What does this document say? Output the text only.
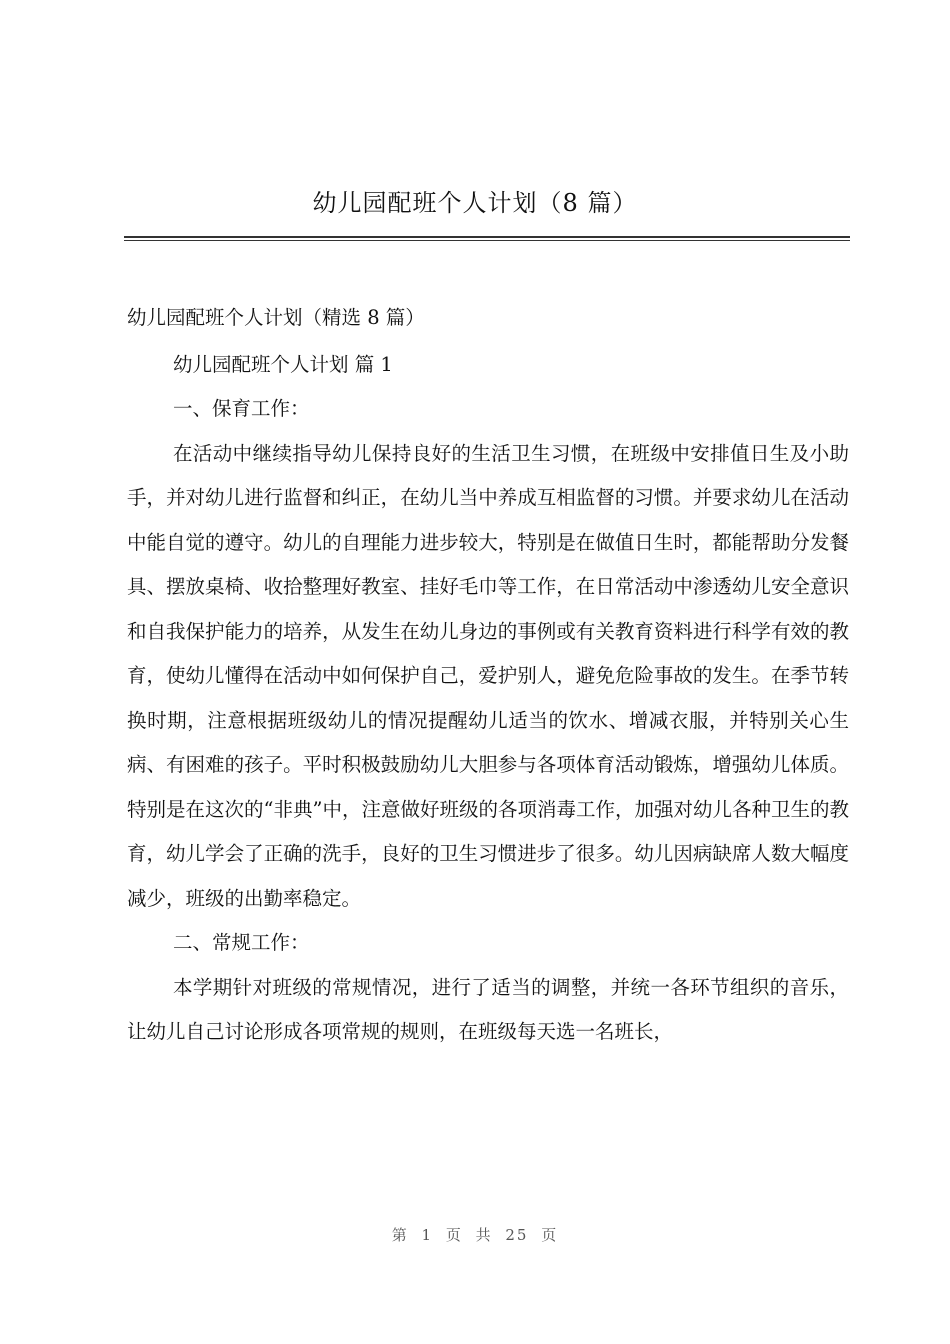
幼儿园配班个人计划（8 篇）

幼儿园配班个人计划（精选 8 篇）

幼儿园配班个人计划 篇 1

一、保育工作：

在活动中继续指导幼儿保持良好的生活卫生习惯，在班级中安排值日生及小助手，并对幼儿进行监督和纠正，在幼儿当中养成互相监督的习惯。并要求幼儿在活动中能自觉的遵守。幼儿的自理能力进步较大，特别是在做值日生时，都能帮助分发餐具、摆放桌椅、收拾整理好教室、挂好毛巾等工作，在日常活动中渗透幼儿安全意识和自我保护能力的培养，从发生在幼儿身边的事例或有关教育资料进行科学有效的教育，使幼儿懂得在活动中如何保护自己，爱护别人，避免危险事故的发生。在季节转换时期，注意根据班级幼儿的情况提醒幼儿适当的饮水、增减衣服，并特别关心生病、有困难的孩子。平时积极鼓励幼儿大胆参与各项体育活动锻炼，增强幼儿体质。特别是在这次的“非典”中，注意做好班级的各项消毒工作，加强对幼儿各种卫生的教育，幼儿学会了正确的洗手，良好的卫生习惯进步了很多。幼儿因病缺席人数大幅度减少，班级的出勤率稳定。

二、常规工作：

本学期针对班级的常规情况，进行了适当的调整，并统一各环节组织的音乐，让幼儿自己讨论形成各项常规的规则，在班级每天选一名班长，

第 1 页 共 25 页
